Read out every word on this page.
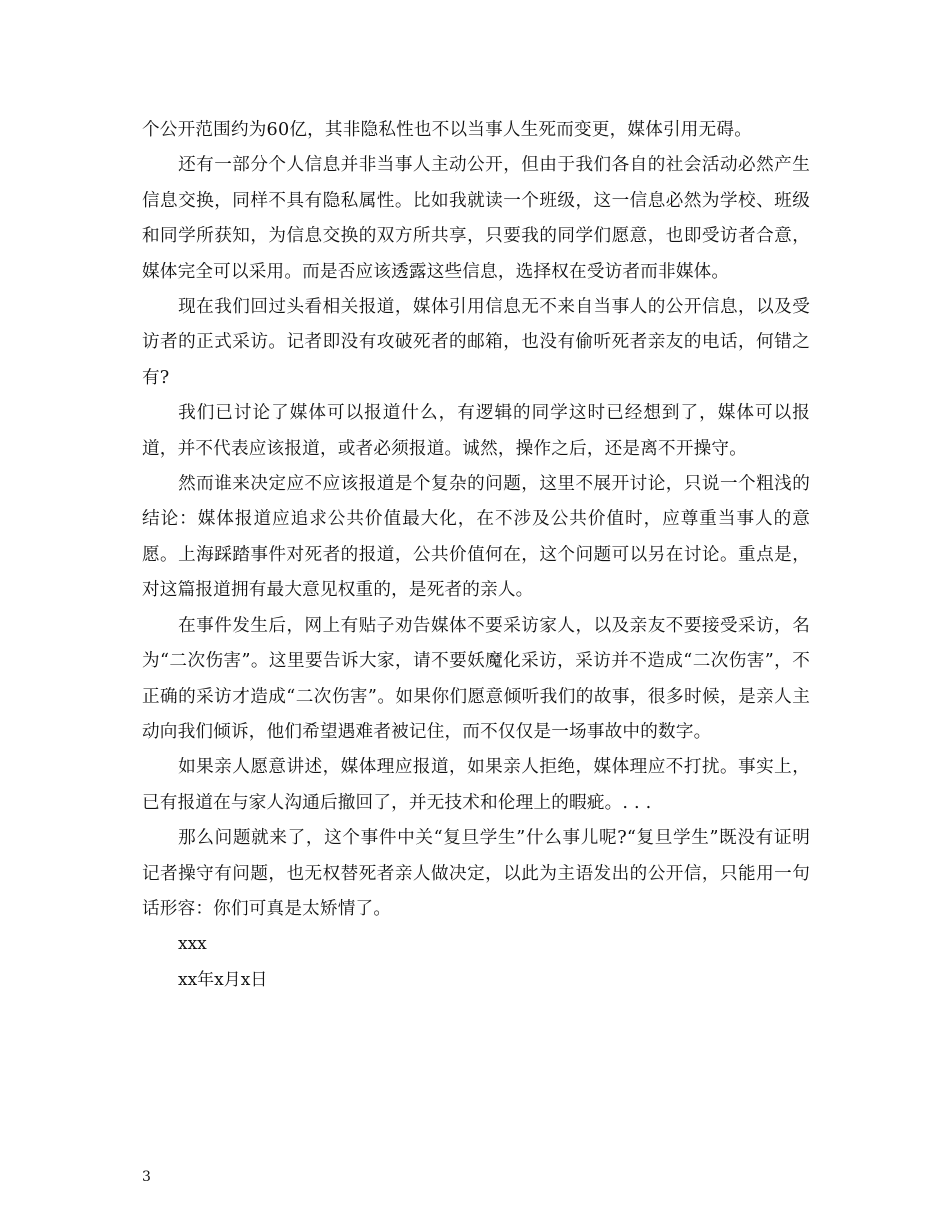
个公开范围约为60亿，其非隐私性也不以当事人生死而变更，媒体引用无碍。

还有一部分个人信息并非当事人主动公开，但由于我们各自的社会活动必然产生信息交换，同样不具有隐私属性。比如我就读一个班级，这一信息必然为学校、班级和同学所获知，为信息交换的双方所共享，只要我的同学们愿意，也即受访者合意，媒体完全可以采用。而是否应该透露这些信息，选择权在受访者而非媒体。

现在我们回过头看相关报道，媒体引用信息无不来自当事人的公开信息，以及受访者的正式采访。记者即没有攻破死者的邮箱，也没有偷听死者亲友的电话，何错之有?

我们已讨论了媒体可以报道什么，有逻辑的同学这时已经想到了，媒体可以报道，并不代表应该报道，或者必须报道。诚然，操作之后，还是离不开操守。

然而谁来决定应不应该报道是个复杂的问题，这里不展开讨论，只说一个粗浅的结论：媒体报道应追求公共价值最大化，在不涉及公共价值时，应尊重当事人的意愿。上海踩踏事件对死者的报道，公共价值何在，这个问题可以另在讨论。重点是，对这篇报道拥有最大意见权重的，是死者的亲人。

在事件发生后，网上有贴子劝告媒体不要采访家人，以及亲友不要接受采访，名为“二次伤害”。这里要告诉大家，请不要妖魔化采访，采访并不造成“二次伤害”，不正确的采访才造成“二次伤害”。如果你们愿意倾听我们的故事，很多时候，是亲人主动向我们倾诉，他们希望遇难者被记住，而不仅仅是一场事故中的数字。

如果亲人愿意讲述，媒体理应报道，如果亲人拒绝，媒体理应不打扰。事实上，已有报道在与家人沟通后撤回了，并无技术和伦理上的暇疵。. . .

那么问题就来了，这个事件中关“复旦学生”什么事儿呢?“复旦学生”既没有证明记者操守有问题，也无权替死者亲人做决定，以此为主语发出的公开信，只能用一句话形容：你们可真是太矫情了。

xxx

xx年x月x日

3
